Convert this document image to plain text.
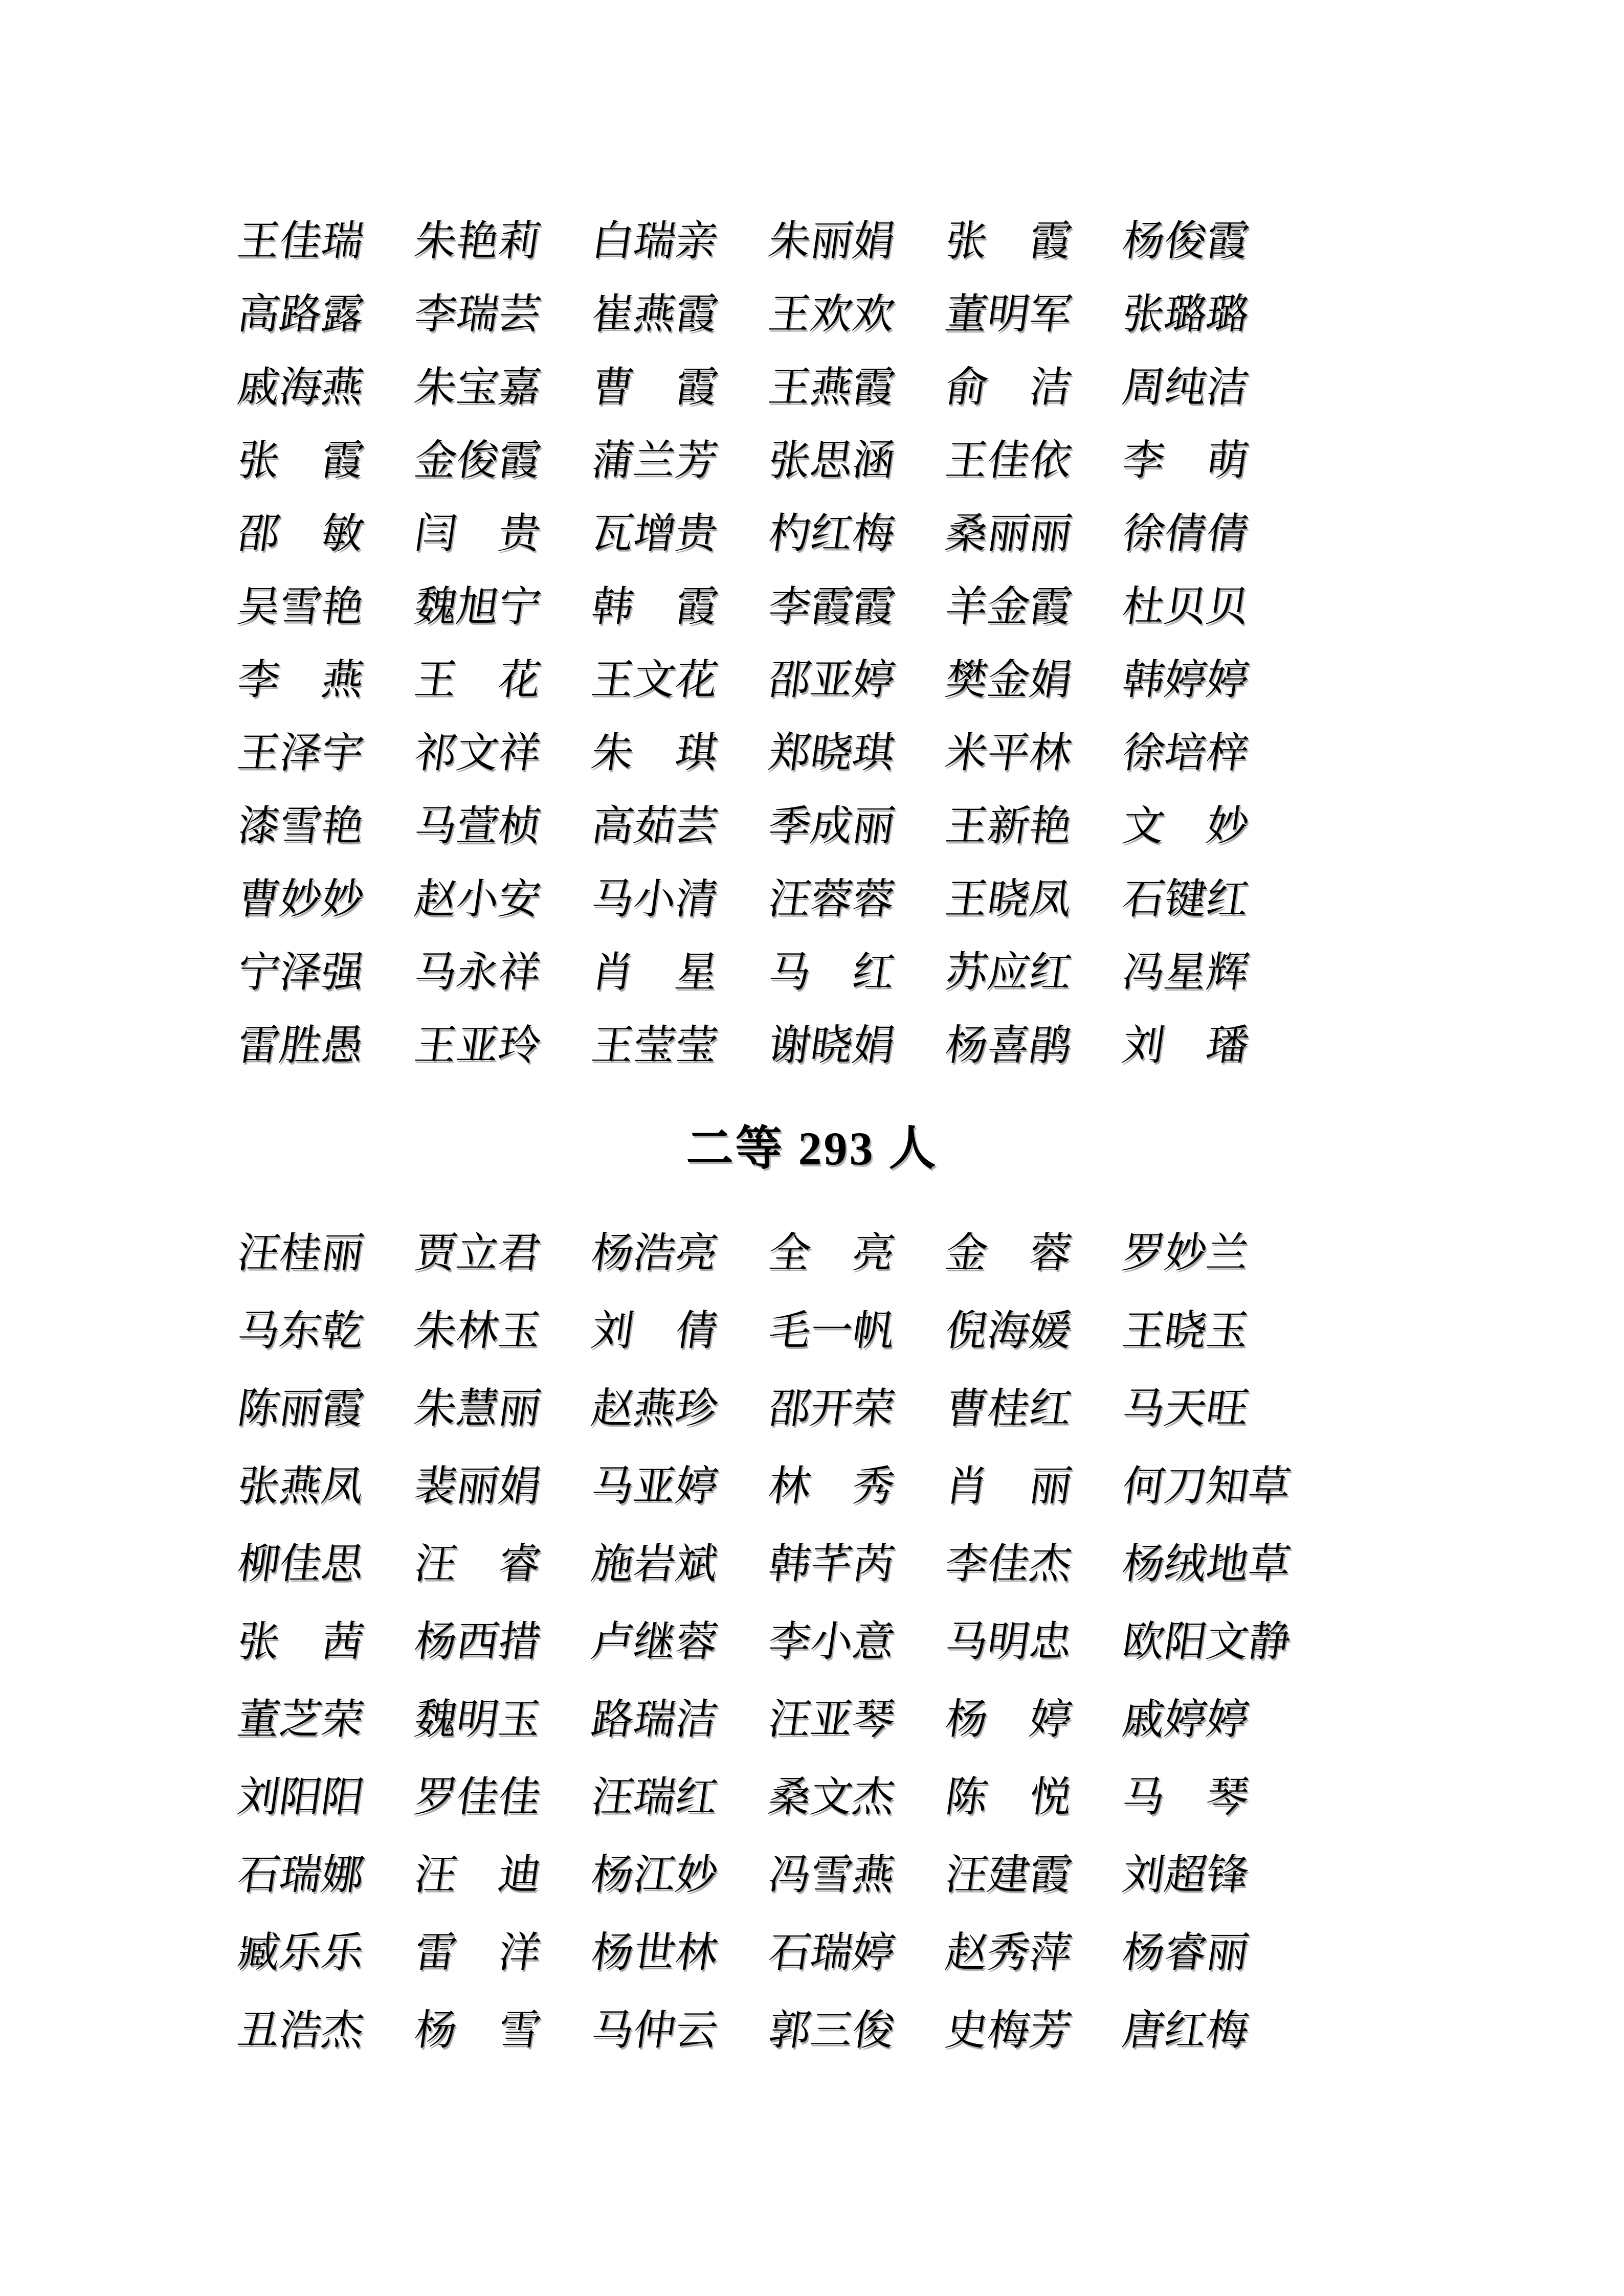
王佳瑞 朱艳莉 白瑞亲 朱丽娟 张　霞 杨俊霞
高路露 李瑞芸 崔燕霞 王欢欢 董明军 张璐璐
戚海燕 朱宝嘉 曹　霞 王燕霞 俞　洁 周纯洁
张　霞 金俊霞 蒲兰芳 张思涵 王佳依 李　萌
邵　敏 闫　贵 瓦增贵 杓红梅 桑丽丽 徐倩倩
吴雪艳 魏旭宁 韩　霞 李霞霞 羊金霞 杜贝贝
李　燕 王　花 王文花 邵亚婷 樊金娟 韩婷婷
王泽宇 祁文祥 朱　琪 郑晓琪 米平林 徐培梓
漆雪艳 马萱桢 高茹芸 季成丽 王新艳 文　妙
曹妙妙 赵小安 马小清 汪蓉蓉 王晓凤 石键红
宁泽强 马永祥 肖　星 马　红 苏应红 冯星辉
雷胜愚 王亚玲 王莹莹 谢晓娟 杨喜鹃 刘　璠
二等 293 人
汪桂丽 贾立君 杨浩亮 全　亮 金　蓉 罗妙兰
马东乾 朱林玉 刘　倩 毛一帆 倪海媛 王晓玉
陈丽霞 朱慧丽 赵燕珍 邵开荣 曹桂红 马天旺
张燕凤 裴丽娟 马亚婷 林　秀 肖　丽 何刀知草
柳佳思 汪　睿 施岩斌 韩芊芮 李佳杰 杨绒地草
张　茜 杨西措 卢继蓉 李小意 马明忠 欧阳文静
董芝荣 魏明玉 路瑞洁 汪亚琴 杨　婷 戚婷婷
刘阳阳 罗佳佳 汪瑞红 桑文杰 陈　悦 马　琴
石瑞娜 汪　迪 杨江妙 冯雪燕 汪建霞 刘超锋
臧乐乐 雷　洋 杨世林 石瑞婷 赵秀萍 杨睿丽
丑浩杰 杨　雪 马仲云 郭三俊 史梅芳 唐红梅
